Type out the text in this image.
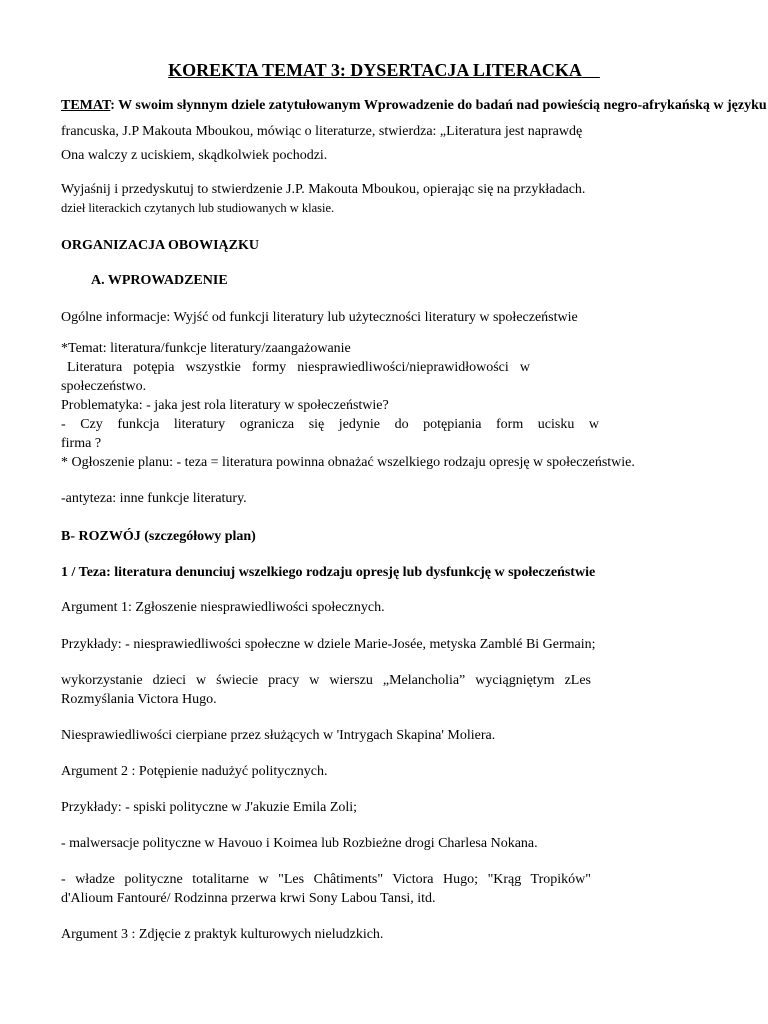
KOREKTA TEMAT 3: DYSERTACJA LITERACKA
TEMAT: W swoim słynnym dziele zatytułowanym Wprowadzenie do badań nad powieścią negro-afrykańską w języku
francuska, J.P Makouta Mboukou, mówiąc o literaturze, stwierdza: „Literatura jest naprawdę
Ona walczy z uciskiem, skądkolwiek pochodzi.
Wyjaśnij i przedyskutuj to stwierdzenie J.P. Makouta Mboukou, opierając się na przykładach.
dzieł literackich czytanych lub studiowanych w klasie.
ORGANIZACJA OBOWIĄZKU
A. WPROWADZENIE
Ogólne informacje: Wyjść od funkcji literatury lub użyteczności literatury w społeczeństwie
*Temat: literatura/funkcje literatury/zaangażowanie
Literatura potępia wszystkie formy niesprawiedliwości/nieprawidłowości w
społeczeństwo.
Problematyka: - jaka jest rola literatury w społeczeństwie?
- Czy funkcja literatury ogranicza się jedynie do potępiania form ucisku w
firma ?
* Ogłoszenie planu: - teza = literatura powinna obnażać wszelkiego rodzaju opresję w społeczeństwie.
-antyteza: inne funkcje literatury.
B- ROZWÓJ (szczegółowy plan)
1 / Teza: literatura denunciuj wszelkiego rodzaju opresję lub dysfunkcję w społeczeństwie
Argument 1: Zgłoszenie niesprawiedliwości społecznych.
Przykłady: - niesprawiedliwości społeczne w dziele Marie-Josée, metyska Zamblé Bi Germain;
wykorzystanie dzieci w świecie pracy w wierszu „Melancholia” wyciągniętym zLes
Rozmyślania Victora Hugo.
Niesprawiedliwości cierpiane przez służących w 'Intrygach Skapina' Moliera.
Argument 2 : Potępienie nadużyć politycznych.
Przykłady: - spiski polityczne w J'akuzie Emila Zoli;
- malwersacje polityczne w Havouo i Koimea lub Rozbieżne drogi Charlesa Nokana.
- władze polityczne totalitarne w "Les Châtiments" Victora Hugo; "Krąg Tropików"
d'Alioum Fantouré/ Rodzinna przerwa krwi Sony Labou Tansi, itd.
Argument 3 : Zdjęcie z praktyk kulturowych nieludzkich.
